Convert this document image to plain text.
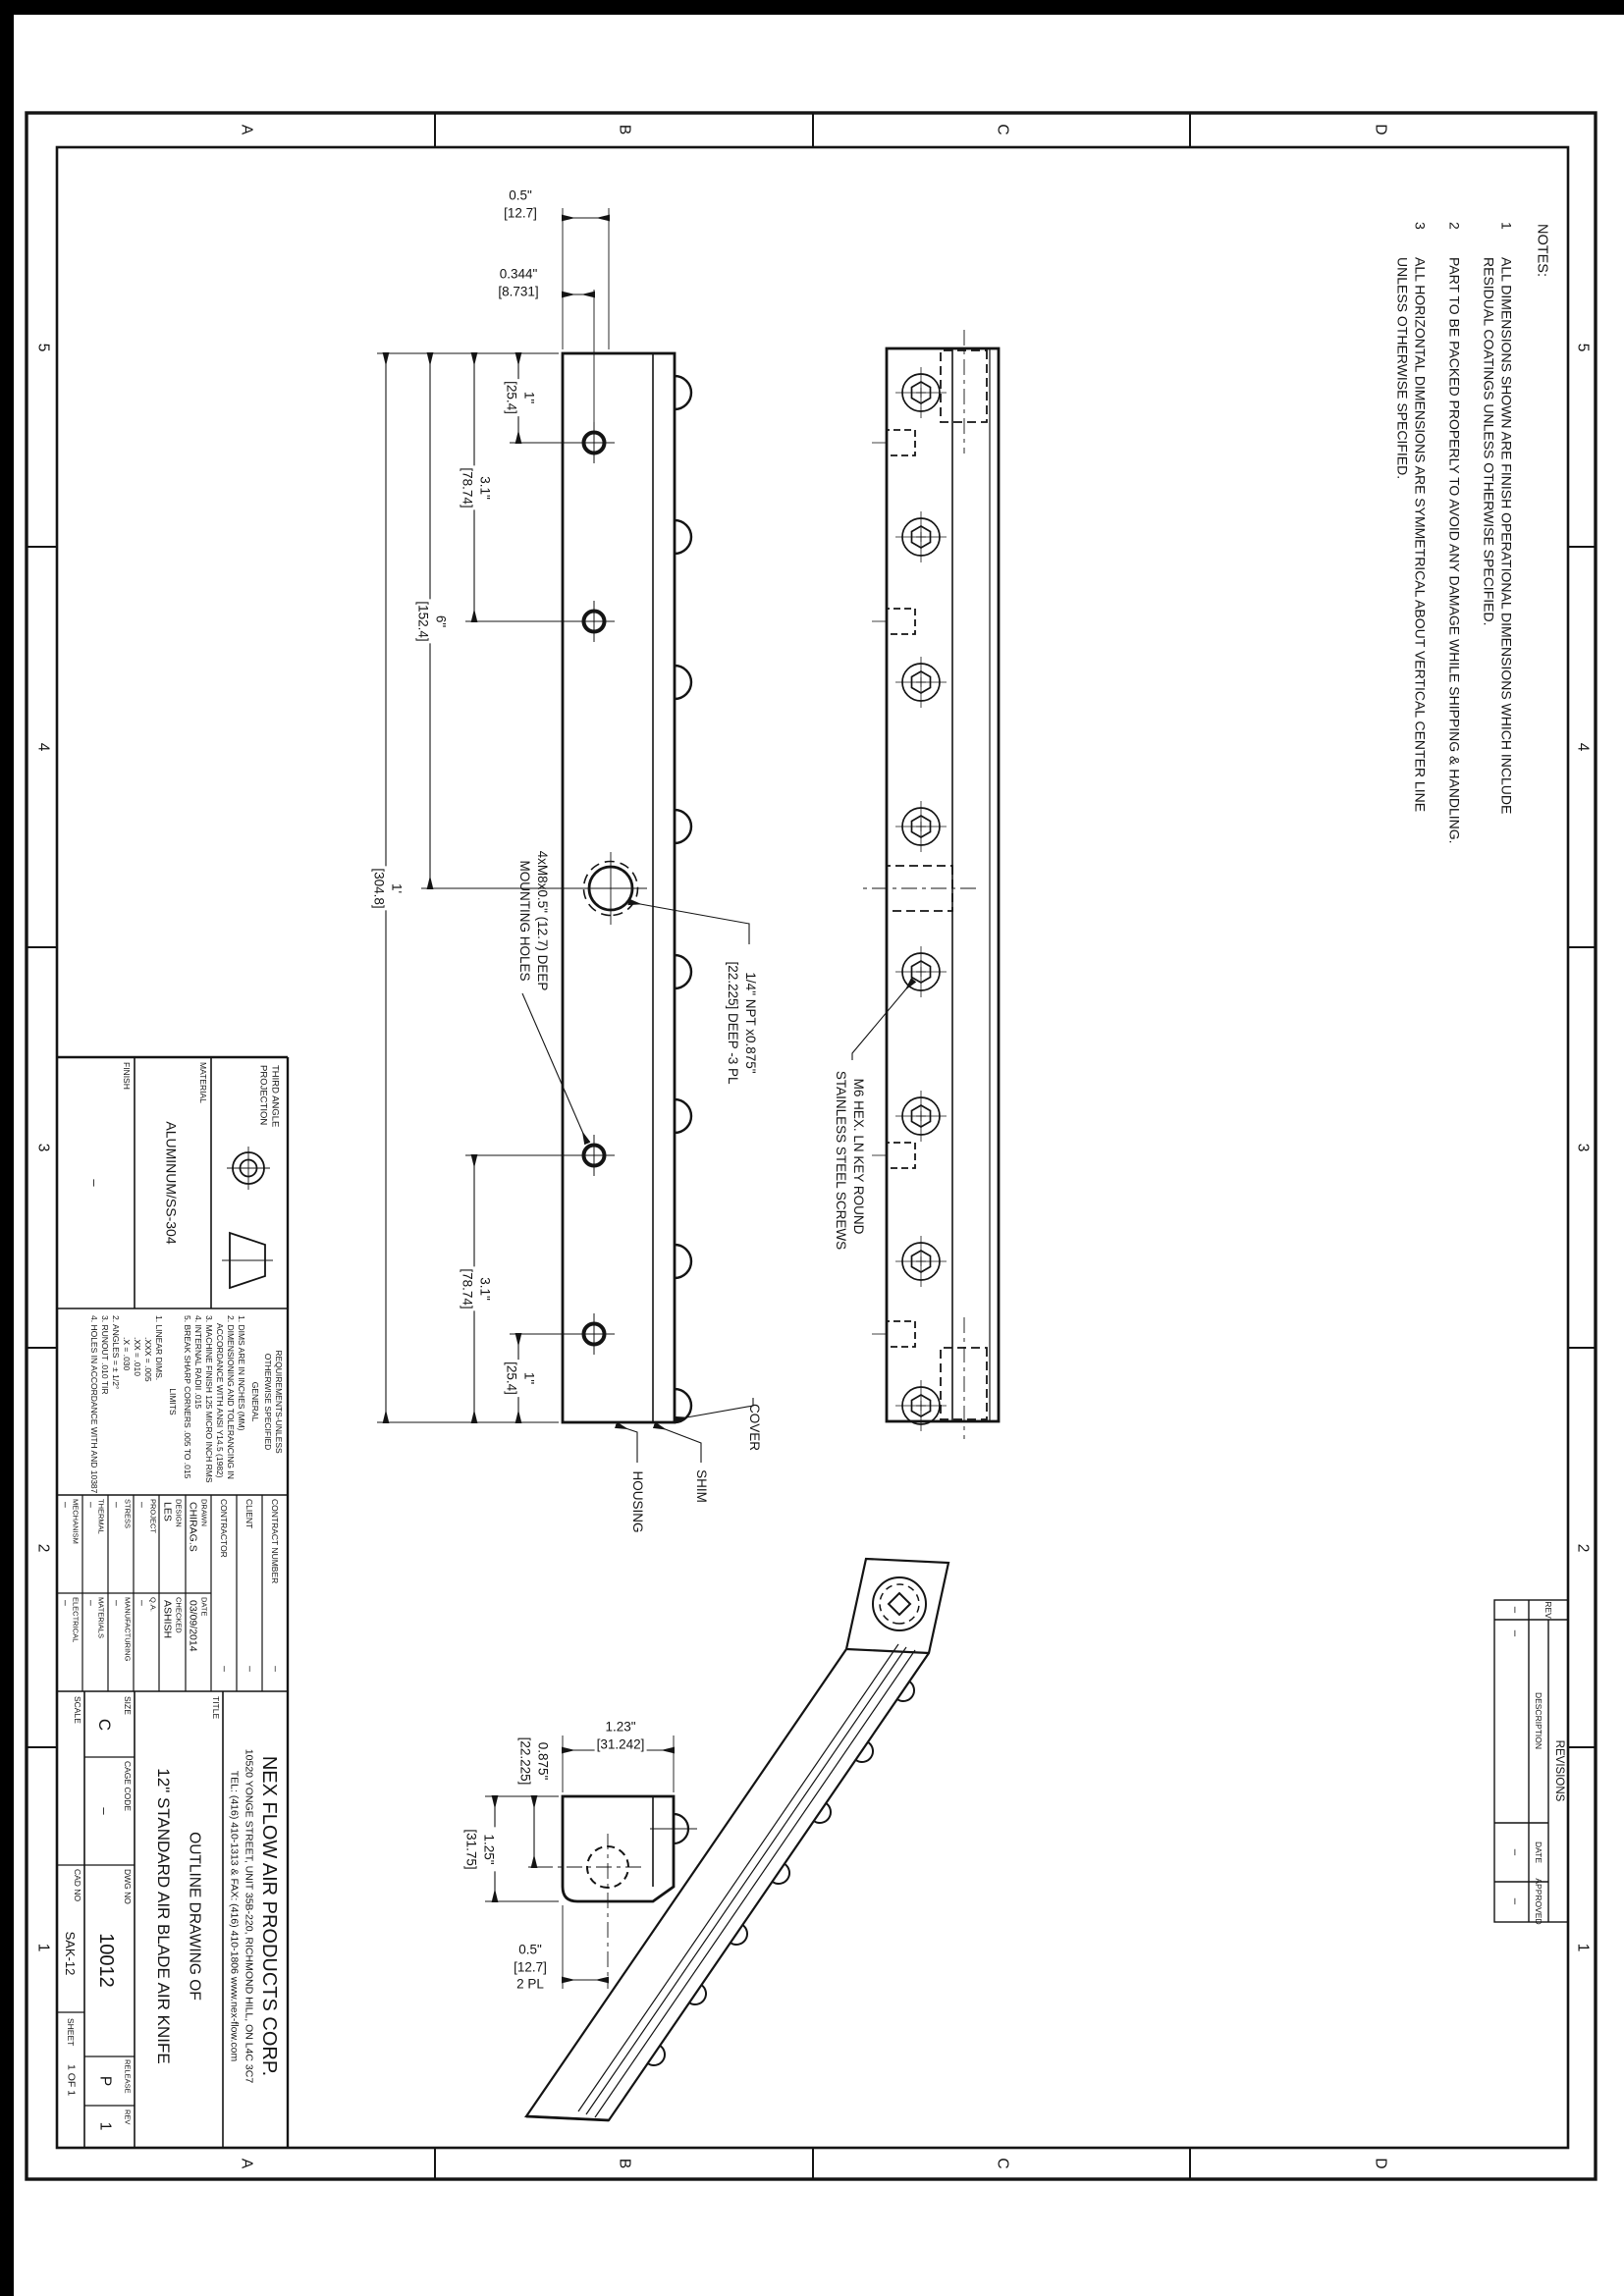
5
4
3
2
1
5
4
3
2
1
D
C
B
A
D
C
B
A
NOTES:
1
ALL DIMENSIONS SHOWN ARE FINISH OPERATIONAL DIMENSIONS WHICH INCLUDE
RESIDUAL COATINGS UNLESS OTHERWISE SPECIFIED.
2
PART TO BE PACKED PROPERLY TO AVOID ANY DAMAGE WHILE SHIPPING & HANDLING.
3
ALL HORIZONTAL DIMENSIONS ARE SYMMETRICAL ABOUT VERTICAL CENTER LINE
UNLESS OTHERWISE SPECIFIED.
0.5"
[12.7]
0.344"
[8.731]
1"
[25.4]
3.1"
[78.74]
6"
[152.4]
1'
[304.8]
3.1"
[78.74]
1"
[25.4]
1.23"
[31.242]
0.875"
[22.225]
1.25"
[31.75]
0.5"
[12.7]
2 PL
1/4" NPT x0.875"
[22.225] DEEP -3 PL
4xM8x0.5" (12.7) DEEP
MOUNTING HOLES
M6 HEX. LN KEY ROUND
STAINLESS STEEL SCREWS
COVER
SHIM
HOUSING
REVISIONS
REV
DESCRIPTION
DATE
APPROVED
–
–
–
–
THIRD ANGLE
PROJECTION
MATERIAL
ALUMINUM/SS-304
FINISH
–
REQUIREMENTS-UNLESS
OTHERWISE SPECIFIED
GENERAL
1. DIMS ARE IN INCHES (MM)
2. DIMENSIONING AND TOLERANCING IN
ACCORDANCE WITH ANSI Y14.5 (1982)
3. MACHINE FINISH 125 MICRO INCH RMS
4. INTERNAL RADII .015
5. BREAK SHARP CORNERS .005 TO .015
LIMITS
1. LINEAR DIMS.
.XXX = .005
.XX = .010
.X = .030
2. ANGLES = ± 1/2°
3. RUNOUT .010 TIR
4. HOLES IN ACCORDANCE WITH AND 10387
CONTRACT NUMBER
–
CLIENT
–
CONTRACTOR
–
DRAWN
CHIRAG.S
DATE
03/09/2014
DESIGN
LES
CHECKED
ASHISH
PROJECT
–
Q.A.
–
STRESS
–
MANUFACTURING
–
THERMAL
–
MATERIALS
–
MECHANISM
–
ELECTRICAL
–
NEX FLOW AIR PRODUCTS CORP.
10520 YONGE STREET, UNIT 35B-220, RICHMOND HILL, ON L4C 3C7
TEL: (416) 410-1313 & FAX: (416) 410-1806 www.nex-flow.com
TITLE
OUTLINE DRAWING OF
12" STANDARD AIR BLADE AIR KNIFE
SIZE
C
CAGE CODE
–
DWG NO
10012
RELEASE
P
REV
1
SCALE
CAD NO
SAK-12
SHEET
1 OF 1
